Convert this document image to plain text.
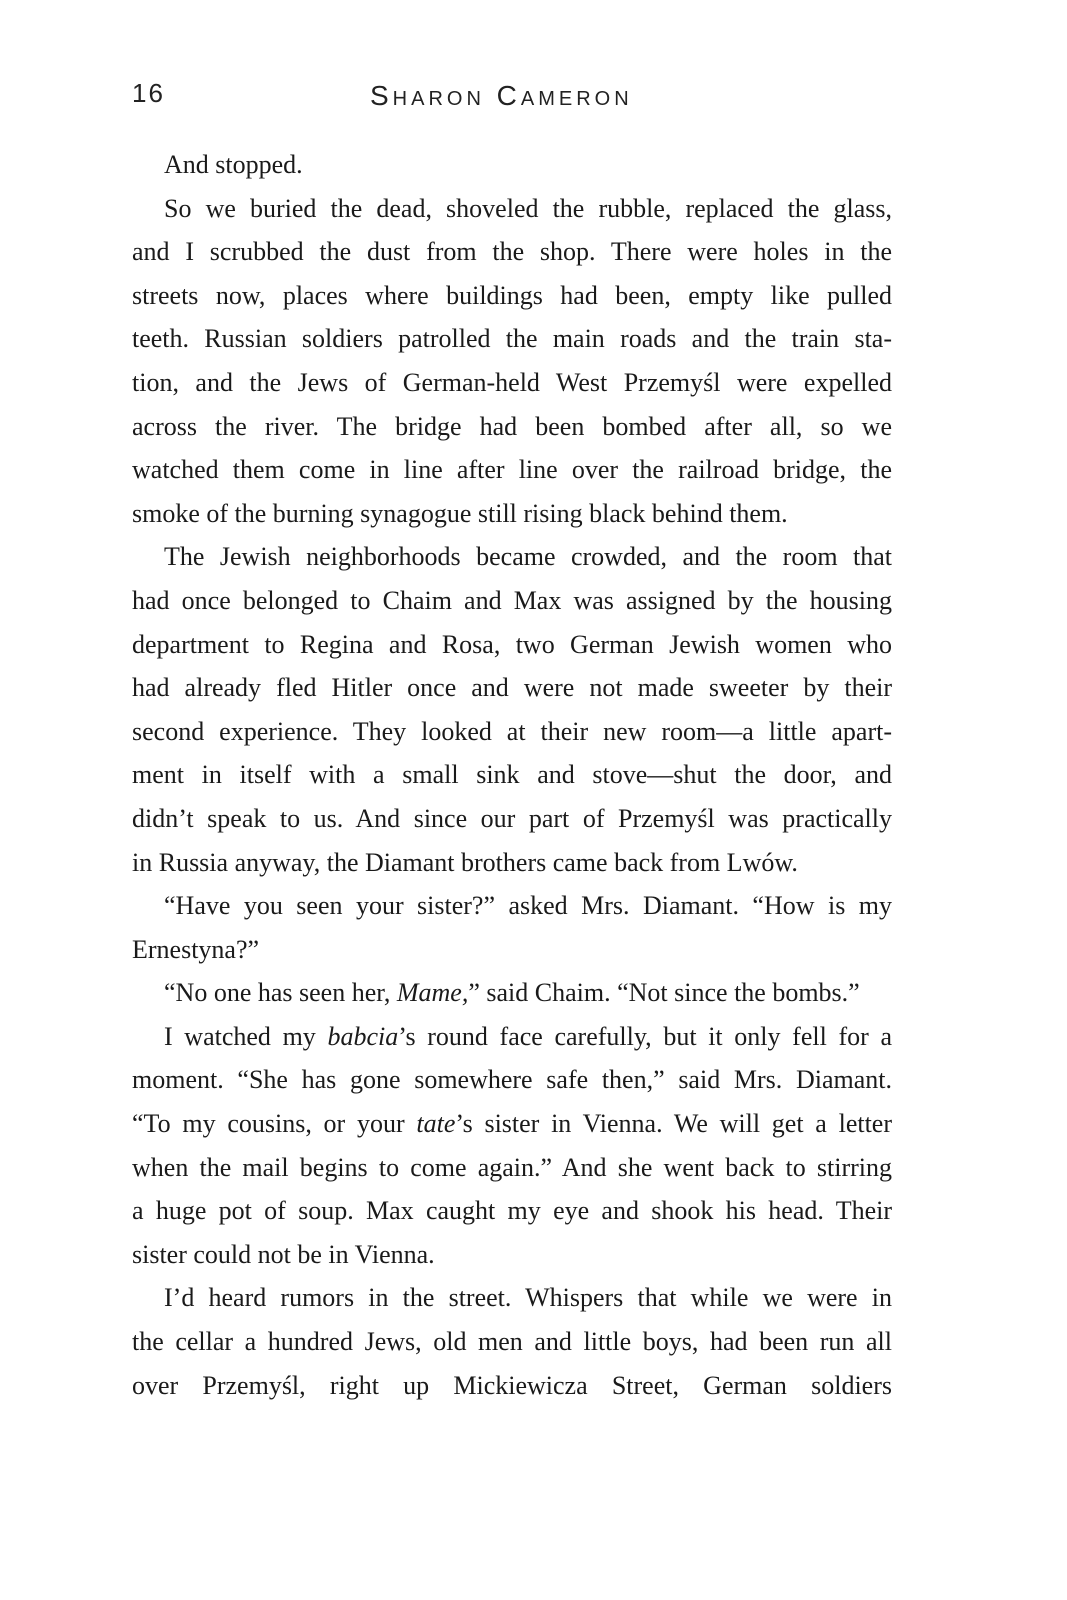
16	Sharon Cameron
And stopped.
So we buried the dead, shoveled the rubble, replaced the glass,
and I scrubbed the dust from the shop. There were holes in the
streets now, places where buildings had been, empty like pulled
teeth. Russian soldiers patrolled the main roads and the train sta-
tion, and the Jews of German-held West Przemyśl were expelled
across the river. The bridge had been bombed after all, so we
watched them come in line after line over the railroad bridge, the
smoke of the burning synagogue still rising black behind them.
The Jewish neighborhoods became crowded, and the room that
had once belonged to Chaim and Max was assigned by the housing
department to Regina and Rosa, two German Jewish women who
had already fled Hitler once and were not made sweeter by their
second experience. They looked at their new room—a little apart-
ment in itself with a small sink and stove—shut the door, and
didn’t speak to us. And since our part of Przemyśl was practically
in Russia anyway, the Diamant brothers came back from Lwów.
“Have you seen your sister?” asked Mrs. Diamant. “How is my
Ernestyna?”
“No one has seen her, Mame,” said Chaim. “Not since the bombs.”
I watched my babcia’s round face carefully, but it only fell for a
moment. “She has gone somewhere safe then,” said Mrs. Diamant.
“To my cousins, or your tate’s sister in Vienna. We will get a letter
when the mail begins to come again.” And she went back to stirring
a huge pot of soup. Max caught my eye and shook his head. Their
sister could not be in Vienna.
I’d heard rumors in the street. Whispers that while we were in
the cellar a hundred Jews, old men and little boys, had been run all
over Przemyśl, right up Mickiewicza Street, German soldiers
